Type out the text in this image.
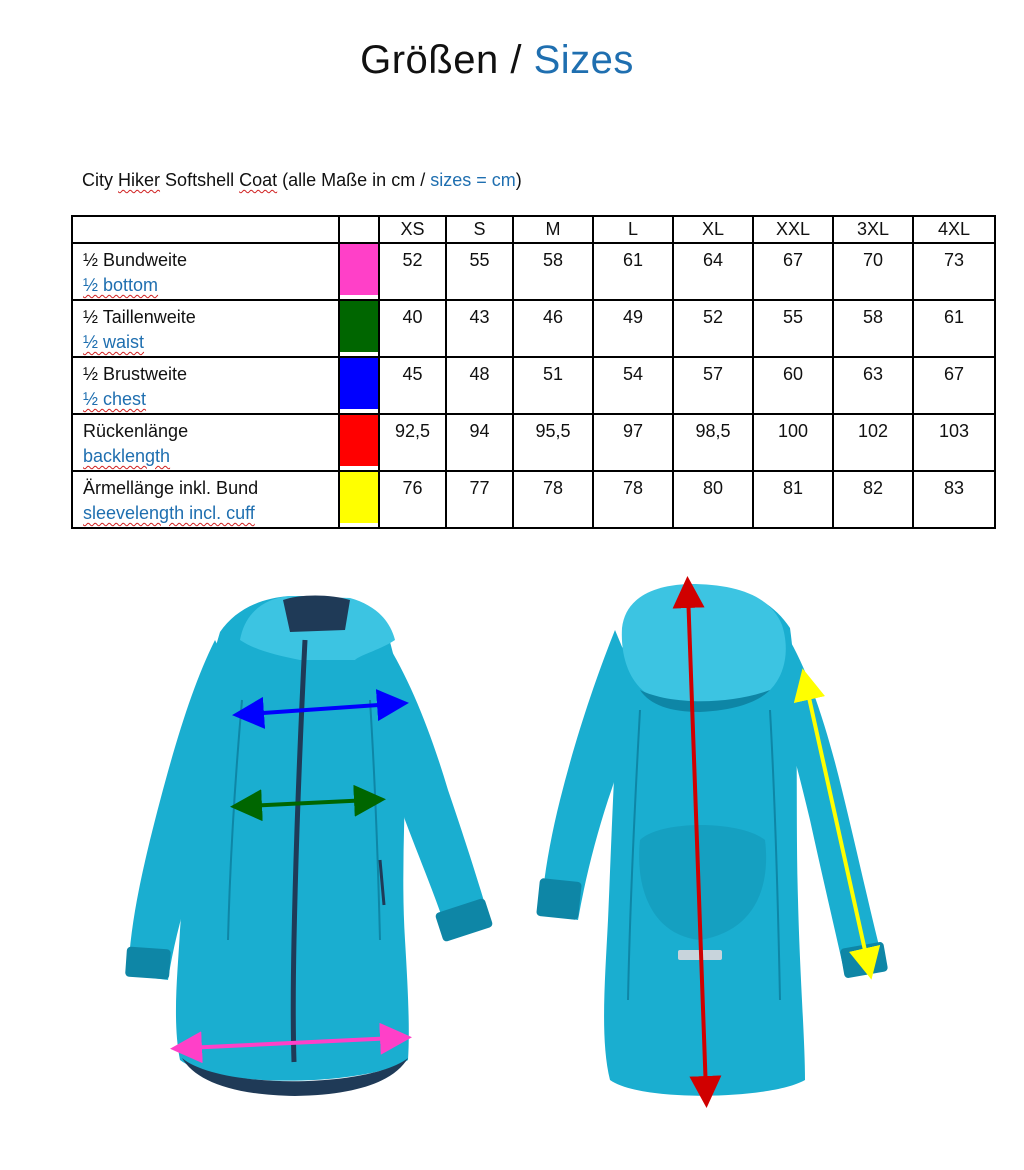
Größen / Sizes
City Hiker Softshell Coat (alle Maße in cm / sizes = cm)
		XS	S	M	L	XL	XXL	3XL	4XL

½ Bundweite
½ bottom		52	55	58	61	64	67	70	73

½ Taillenweite
½ waist		40	43	46	49	52	55	58	61

½ Brustweite
½ chest		45	48	51	54	57	60	63	67

Rückenlänge
backlength		92,5	94	95,5	97	98,5	100	102	103

Ärmellänge inkl. Bund
sleevelength incl. cuff		76	77	78	78	80	81	82	83
